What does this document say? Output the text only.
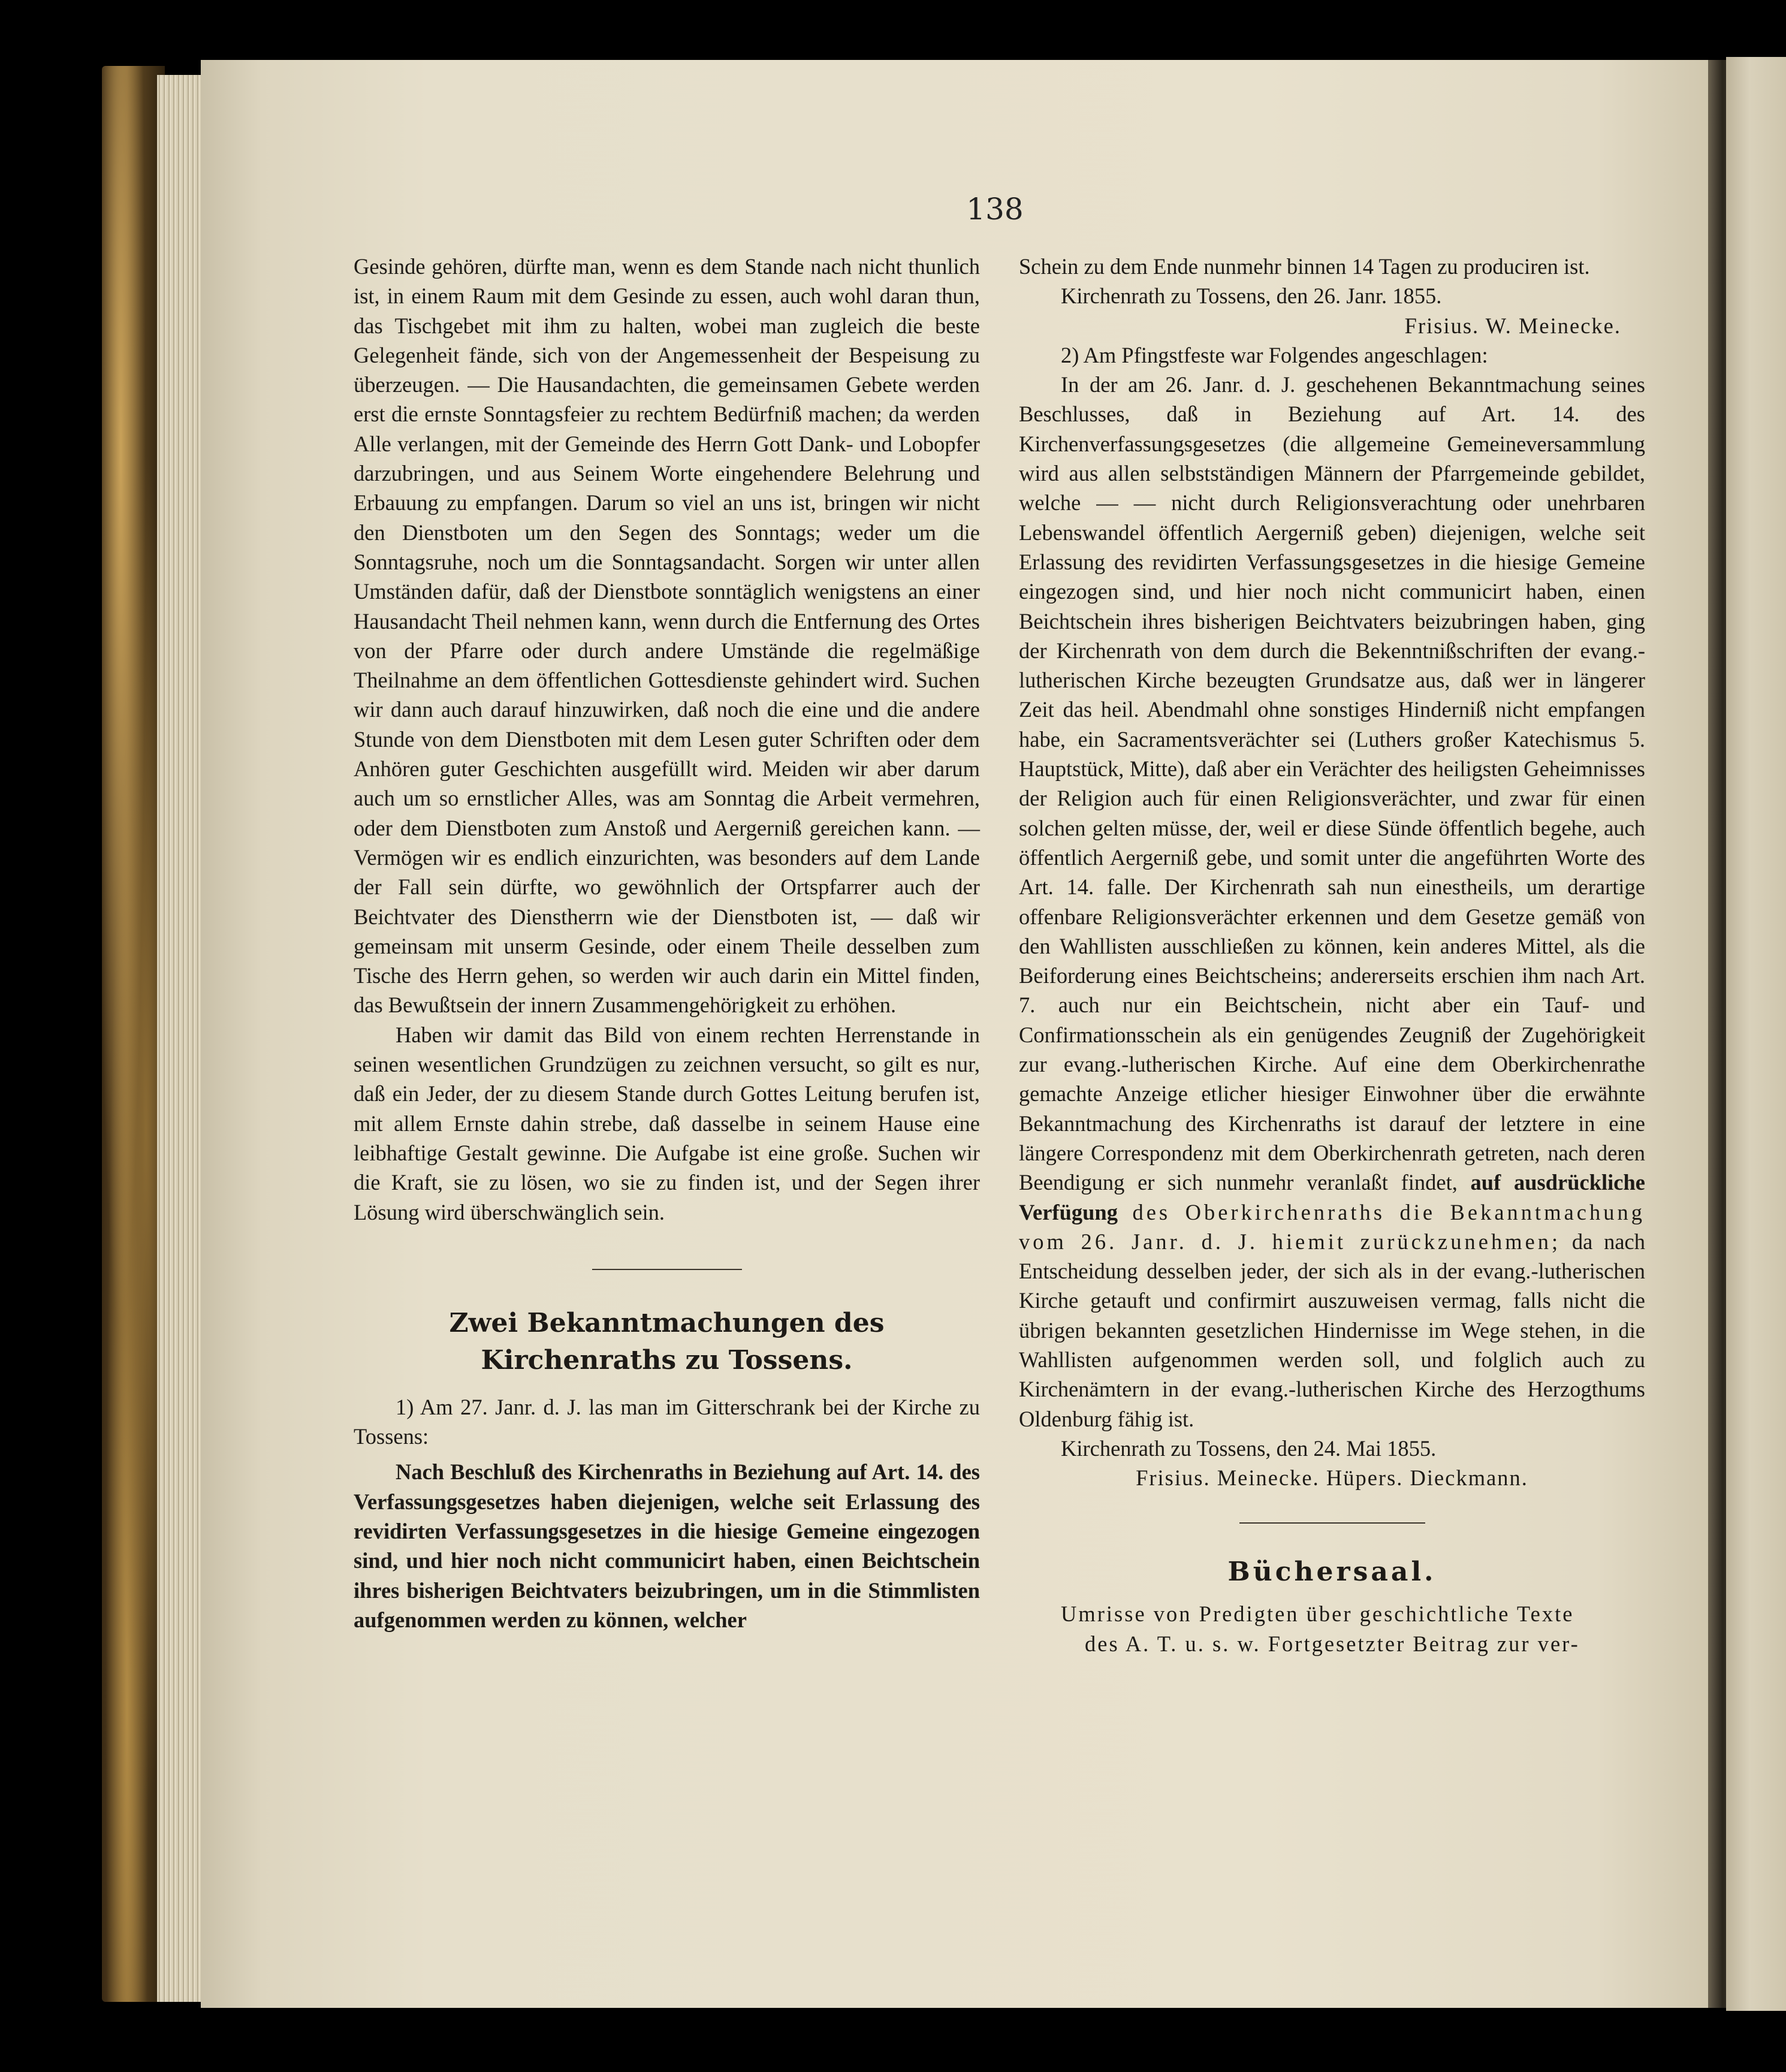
138

Gesinde gehören, dürfte man, wenn es dem Stande nach nicht thunlich ist, in einem Raum mit dem Gesinde zu essen, auch wohl daran thun, das Tischgebet mit ihm zu halten, wobei man zugleich die beste Gelegenheit fände, sich von der Angemessenheit der Bespeisung zu überzeugen. — Die Hausandachten, die gemeinsamen Gebete werden erst die ernste Sonntagsfeier zu rechtem Bedürfniß machen; da werden Alle verlangen, mit der Gemeinde des Herrn Gott Dank- und Lobopfer darzubringen, und aus Seinem Worte eingehendere Belehrung und Erbauung zu empfangen. Darum so viel an uns ist, bringen wir nicht den Dienstboten um den Segen des Sonntags; weder um die Sonntagsruhe, noch um die Sonntagsandacht. Sorgen wir unter allen Umständen dafür, daß der Dienstbote sonntäglich wenigstens an einer Hausandacht Theil nehmen kann, wenn durch die Entfernung des Ortes von der Pfarre oder durch andere Umstände die regelmäßige Theilnahme an dem öffentlichen Gottesdienste gehindert wird. Suchen wir dann auch darauf hinzuwirken, daß noch die eine und die andere Stunde von dem Dienstboten mit dem Lesen guter Schriften oder dem Anhören guter Geschichten ausgefüllt wird. Meiden wir aber darum auch um so ernstlicher Alles, was am Sonntag die Arbeit vermehren, oder dem Dienstboten zum Anstoß und Aergerniß gereichen kann. — Vermögen wir es endlich einzurichten, was besonders auf dem Lande der Fall sein dürfte, wo gewöhnlich der Ortspfarrer auch der Beichtvater des Dienstherrn wie der Dienstboten ist, — daß wir gemeinsam mit unserm Gesinde, oder einem Theile desselben zum Tische des Herrn gehen, so werden wir auch darin ein Mittel finden, das Bewußtsein der innern Zusammengehörigkeit zu erhöhen.

Haben wir damit das Bild von einem rechten Herrenstande in seinen wesentlichen Grundzügen zu zeichnen versucht, so gilt es nur, daß ein Jeder, der zu diesem Stande durch Gottes Leitung berufen ist, mit allem Ernste dahin strebe, daß dasselbe in seinem Hause eine leibhaftige Gestalt gewinne. Die Aufgabe ist eine große. Suchen wir die Kraft, sie zu lösen, wo sie zu finden ist, und der Segen ihrer Lösung wird überschwänglich sein.

Zwei Bekanntmachungen des Kirchenraths zu Tossens.

1) Am 27. Janr. d. J. las man im Gitterschrank bei der Kirche zu Tossens:

Nach Beschluß des Kirchenraths in Beziehung auf Art. 14. des Verfassungsgesetzes haben diejenigen, welche seit Erlassung des revidirten Verfassungsgesetzes in die hiesige Gemeine eingezogen sind, und hier noch nicht communicirt haben, einen Beichtschein ihres bisherigen Beichtvaters beizubringen, um in die Stimmlisten aufgenommen werden zu können, welcher

Schein zu dem Ende nunmehr binnen 14 Tagen zu produciren ist.

Kirchenrath zu Tossens, den 26. Janr. 1855.

Frisius. W. Meinecke.

2) Am Pfingstfeste war Folgendes angeschlagen:

In der am 26. Janr. d. J. geschehenen Bekanntmachung seines Beschlusses, daß in Beziehung auf Art. 14. des Kirchenverfassungsgesetzes (die allgemeine Gemeineversammlung wird aus allen selbstständigen Männern der Pfarrgemeinde gebildet, welche — — nicht durch Religionsverachtung oder unehrbaren Lebenswandel öffentlich Aergerniß geben) diejenigen, welche seit Erlassung des revidirten Verfassungsgesetzes in die hiesige Gemeine eingezogen sind, und hier noch nicht communicirt haben, einen Beichtschein ihres bisherigen Beichtvaters beizubringen haben, ging der Kirchenrath von dem durch die Bekenntnißschriften der evang.-lutherischen Kirche bezeugten Grundsatze aus, daß wer in längerer Zeit das heil. Abendmahl ohne sonstiges Hinderniß nicht empfangen habe, ein Sacramentsverächter sei (Luthers großer Katechismus 5. Hauptstück, Mitte), daß aber ein Verächter des heiligsten Geheimnisses der Religion auch für einen Religionsverächter, und zwar für einen solchen gelten müsse, der, weil er diese Sünde öffentlich begehe, auch öffentlich Aergerniß gebe, und somit unter die angeführten Worte des Art. 14. falle. Der Kirchenrath sah nun einestheils, um derartige offenbare Religionsverächter erkennen und dem Gesetze gemäß von den Wahllisten ausschließen zu können, kein anderes Mittel, als die Beiforderung eines Beichtscheins; andererseits erschien ihm nach Art. 7. auch nur ein Beichtschein, nicht aber ein Tauf- und Confirmationsschein als ein genügendes Zeugniß der Zugehörigkeit zur evang.-lutherischen Kirche. Auf eine dem Oberkirchenrathe gemachte Anzeige etlicher hiesiger Einwohner über die erwähnte Bekanntmachung des Kirchenraths ist darauf der letztere in eine längere Correspondenz mit dem Oberkirchenrath getreten, nach deren Beendigung er sich nunmehr veranlaßt findet, auf ausdrückliche Verfügung des Oberkirchenraths die Bekanntmachung vom 26. Janr. d. J. hiemit zurückzunehmen; da nach Entscheidung desselben jeder, der sich als in der evang.-lutherischen Kirche getauft und confirmirt auszuweisen vermag, falls nicht die übrigen bekannten gesetzlichen Hindernisse im Wege stehen, in die Wahllisten aufgenommen werden soll, und folglich auch zu Kirchenämtern in der evang.-lutherischen Kirche des Herzogthums Oldenburg fähig ist.

Kirchenrath zu Tossens, den 24. Mai 1855.

Frisius. Meinecke. Hüpers. Dieckmann.

Büchersaal.

Umrisse von Predigten über geschichtliche Texte

des A. T. u. s. w. Fortgesetzter Beitrag zur ver-
